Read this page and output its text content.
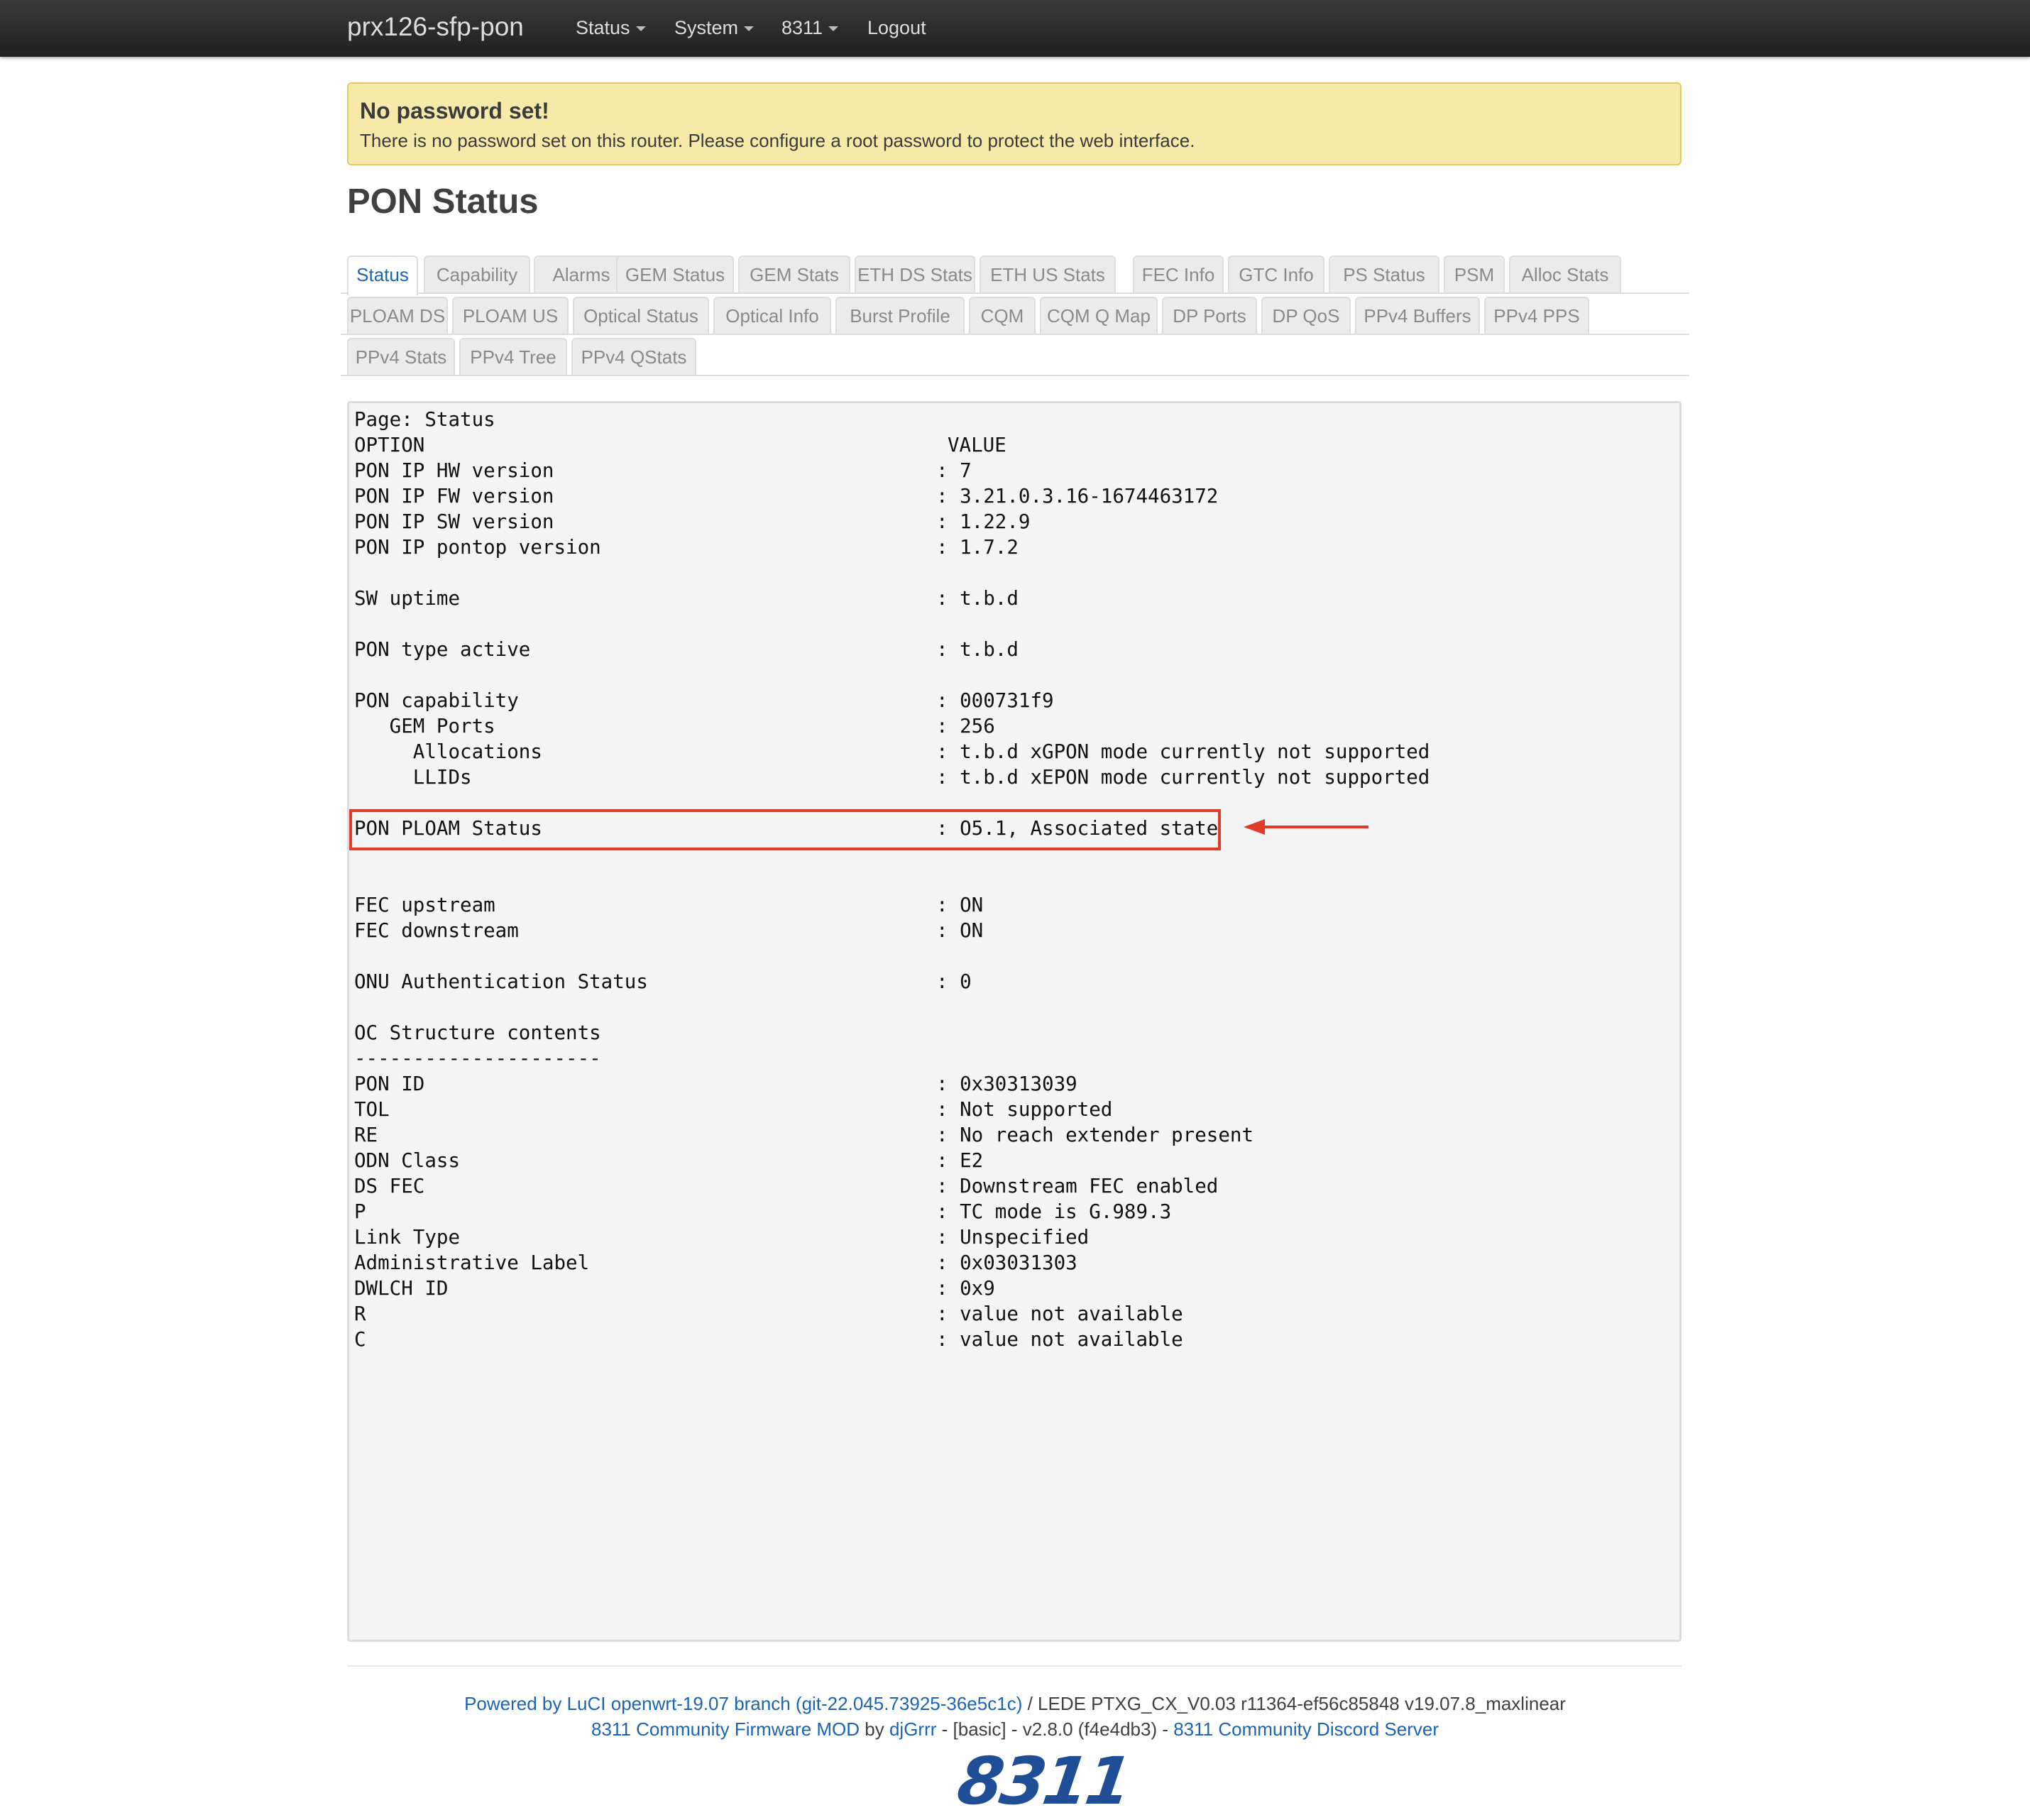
prx126-sfp-pon	Status	System	8311	Logout
No password set!
There is no password set on this router. Please configure a root password to protect the web interface.
PON Status
Status	Capability	Alarms GEM Status	GEM Stats	ETH DS Stats ETH US Stats	FEC Info	GTC Info	PS Status	PSM	Alloc Stats
PLOAM DS PLOAM US	Optical Status	Optical Info	Burst Profile	CQM	CQM Q Map	DP Ports	DP QoS	PPv4 Buffers	PPv4 PPS
PPv4 Stats	PPv4 Tree	PPv4 QStats
Page: Status

OPTION

	VALUE

PON IP HW version	: 7
PON IP FW version	: 3.21.0.3.16-1674463172
PON IP SW version	: 1.22.9
PON IP pontop version	: 1.7.2
SW uptime	: t.b.d
PON type active	: t.b.d
PON capability	: 000731f9
GEM Ports	: 256
Allocations	: t.b.d xGPON mode currently not supported
LLIDs	: t.b.d xEPON mode currently not supported
PON PLOAM Status	: O5.1, Associated state
FEC upstream	: ON
FEC downstream	: ON
ONU Authentication Status	: 0
OC Structure contents
---------------------
PON ID	: 0x30313039
TOL	: Not supported
RE	: No reach extender present
ODN Class	: E2
DS FEC	: Downstream FEC enabled
P	: TC mode is G.989.3
Link Type	: Unspecified
Administrative Label	: 0x03031303
DWLCH ID	: 0x9
R	: value not available
C	: value not available
Powered by LuCI openwrt-19.07 branch (git-22.045.73925-36e5c1c) / LEDE PTXG_CX_V0.03 r11364-ef56c85848 v19.07.8_maxlinear
8311 Community Firmware MOD by djGrrr - [basic] - v2.8.0 (f4e4db3) - 8311 Community Discord Server
8311
